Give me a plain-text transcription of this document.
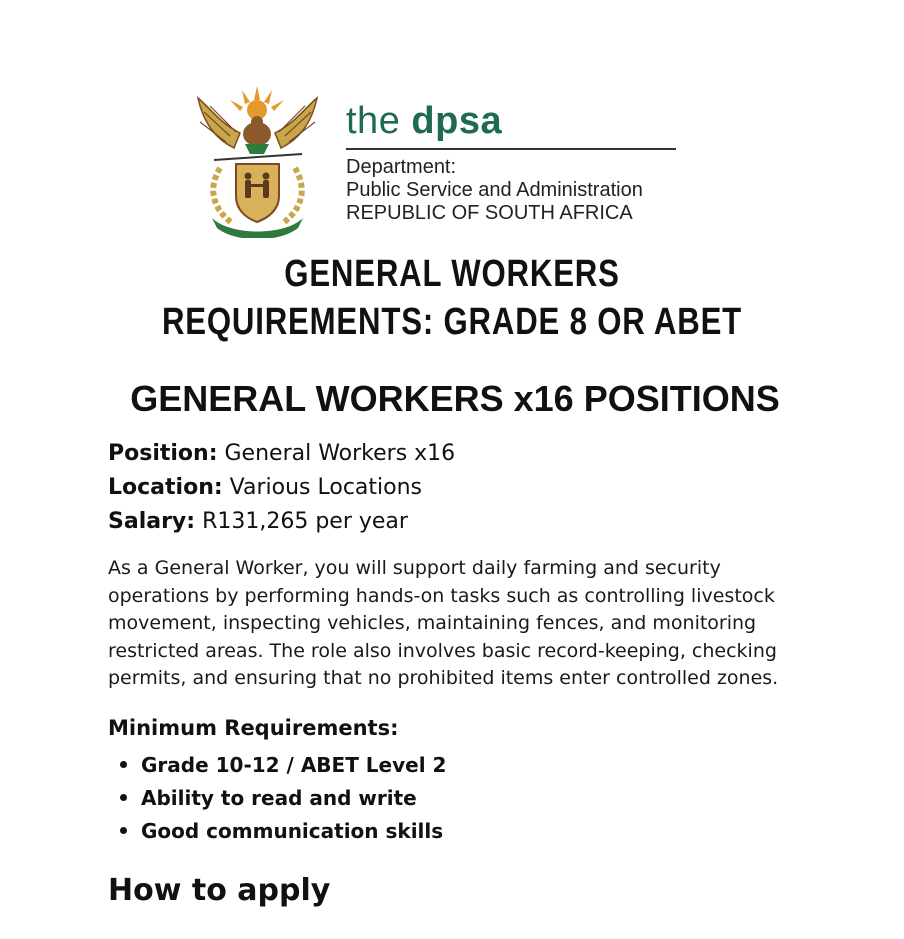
the dpsa
Department:
Public Service and Administration
REPUBLIC OF SOUTH AFRICA
GENERAL WORKERS
REQUIREMENTS: GRADE 8 OR ABET
GENERAL WORKERS x16 POSITIONS
Position: General Workers x16
Location: Various Locations
Salary: R131,265 per year
As a General Worker, you will support daily farming and security operations by performing hands-on tasks such as controlling livestock movement, inspecting vehicles, maintaining fences, and monitoring restricted areas. The role also involves basic record-keeping, checking permits, and ensuring that no prohibited items enter controlled zones.
Minimum Requirements:
Grade 10-12 / ABET Level 2
Ability to read and write
Good communication skills
How to apply
